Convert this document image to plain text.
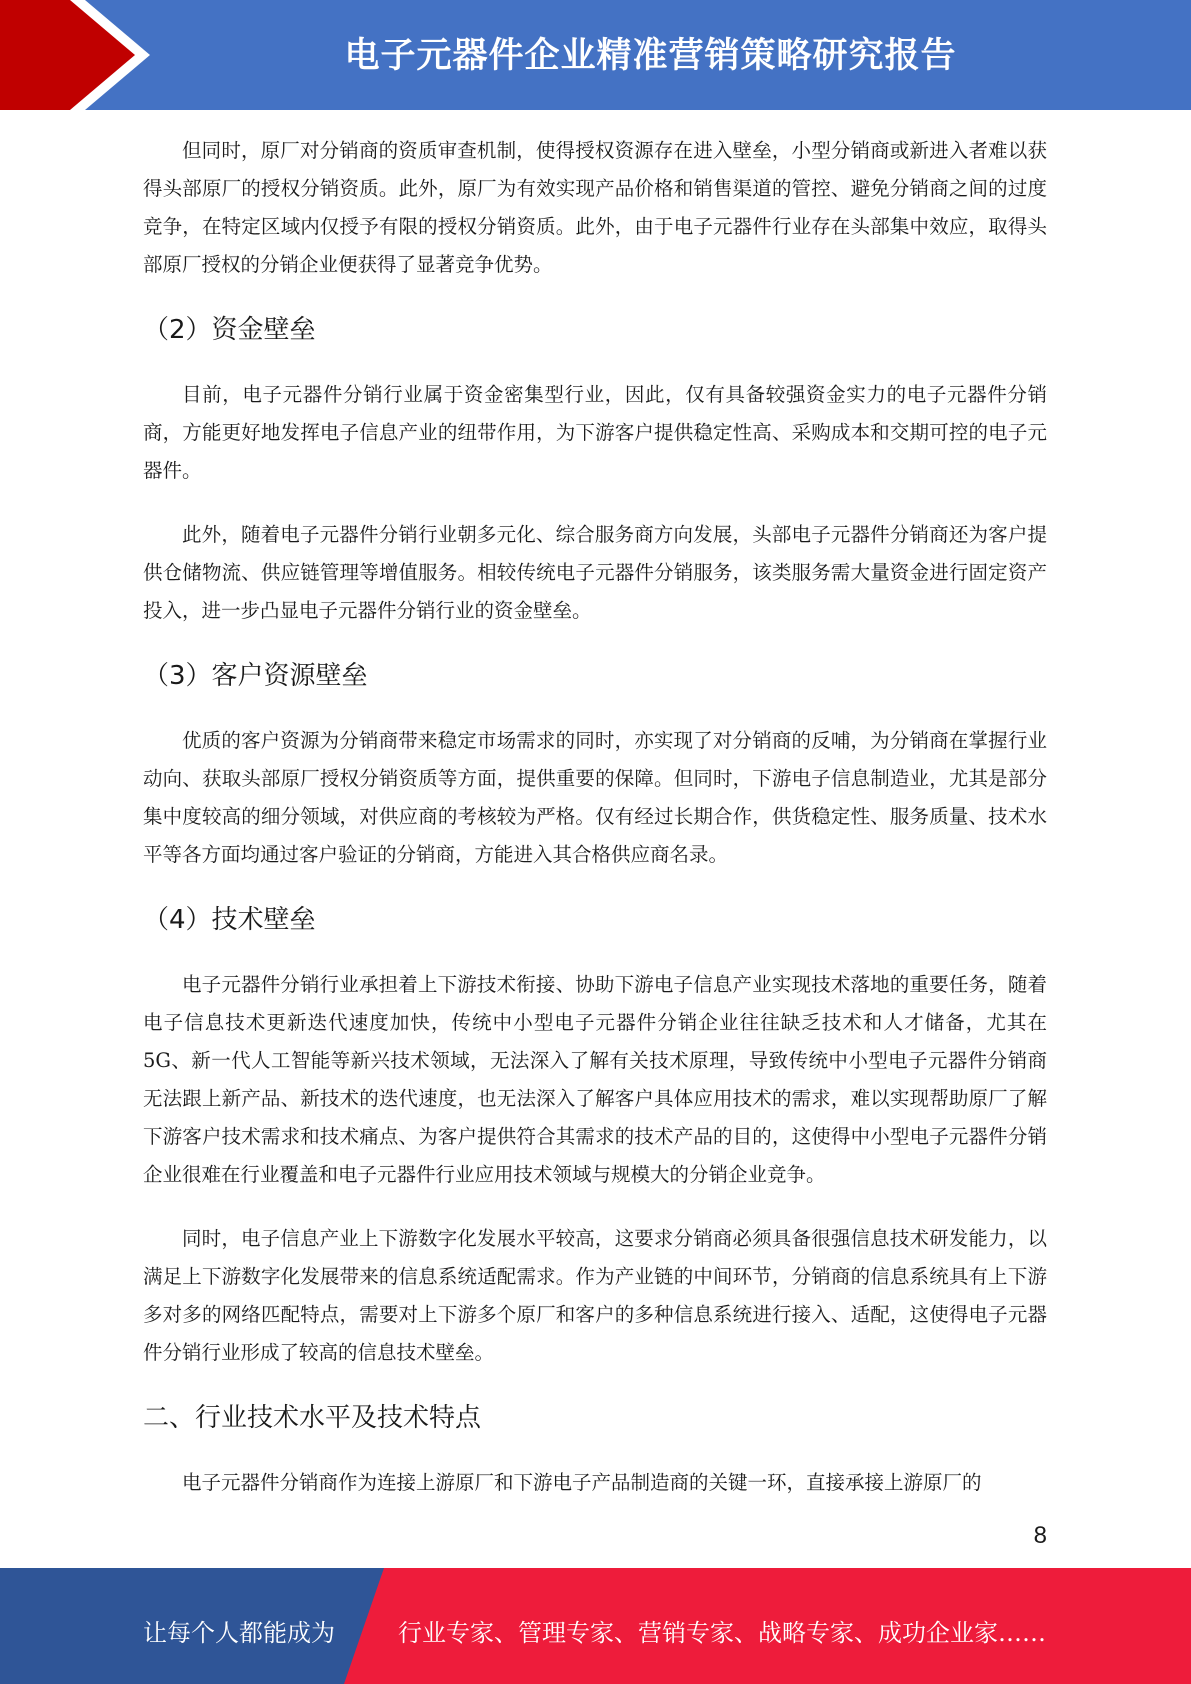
电子元器件企业精准营销策略研究报告

但同时，原厂对分销商的资质审查机制，使得授权资源存在进入壁垒，小型分销商或新进入者难以获得头部原厂的授权分销资质。此外，原厂为有效实现产品价格和销售渠道的管控、避免分销商之间的过度竞争，在特定区域内仅授予有限的授权分销资质。此外，由于电子元器件行业存在头部集中效应，取得头部原厂授权的分销企业便获得了显著竞争优势。

（2）资金壁垒

目前，电子元器件分销行业属于资金密集型行业，因此，仅有具备较强资金实力的电子元器件分销商，方能更好地发挥电子信息产业的纽带作用，为下游客户提供稳定性高、采购成本和交期可控的电子元器件。

此外，随着电子元器件分销行业朝多元化、综合服务商方向发展，头部电子元器件分销商还为客户提供仓储物流、供应链管理等增值服务。相较传统电子元器件分销服务，该类服务需大量资金进行固定资产投入，进一步凸显电子元器件分销行业的资金壁垒。

（3）客户资源壁垒

优质的客户资源为分销商带来稳定市场需求的同时，亦实现了对分销商的反哺，为分销商在掌握行业动向、获取头部原厂授权分销资质等方面，提供重要的保障。但同时，下游电子信息制造业，尤其是部分集中度较高的细分领域，对供应商的考核较为严格。仅有经过长期合作，供货稳定性、服务质量、技术水平等各方面均通过客户验证的分销商，方能进入其合格供应商名录。

（4）技术壁垒

电子元器件分销行业承担着上下游技术衔接、协助下游电子信息产业实现技术落地的重要任务，随着电子信息技术更新迭代速度加快，传统中小型电子元器件分销企业往往缺乏技术和人才储备，尤其在 5G、新一代人工智能等新兴技术领域，无法深入了解有关技术原理，导致传统中小型电子元器件分销商无法跟上新产品、新技术的迭代速度，也无法深入了解客户具体应用技术的需求，难以实现帮助原厂了解下游客户技术需求和技术痛点、为客户提供符合其需求的技术产品的目的，这使得中小型电子元器件分销企业很难在行业覆盖和电子元器件行业应用技术领域与规模大的分销企业竞争。

同时，电子信息产业上下游数字化发展水平较高，这要求分销商必须具备很强信息技术研发能力，以满足上下游数字化发展带来的信息系统适配需求。作为产业链的中间环节，分销商的信息系统具有上下游多对多的网络匹配特点，需要对上下游多个原厂和客户的多种信息系统进行接入、适配，这使得电子元器件分销行业形成了较高的信息技术壁垒。

二、行业技术水平及技术特点

电子元器件分销商作为连接上游原厂和下游电子产品制造商的关键一环，直接承接上游原厂的

8
让每个人都能成为	行业专家、管理专家、营销专家、战略专家、成功企业家……
